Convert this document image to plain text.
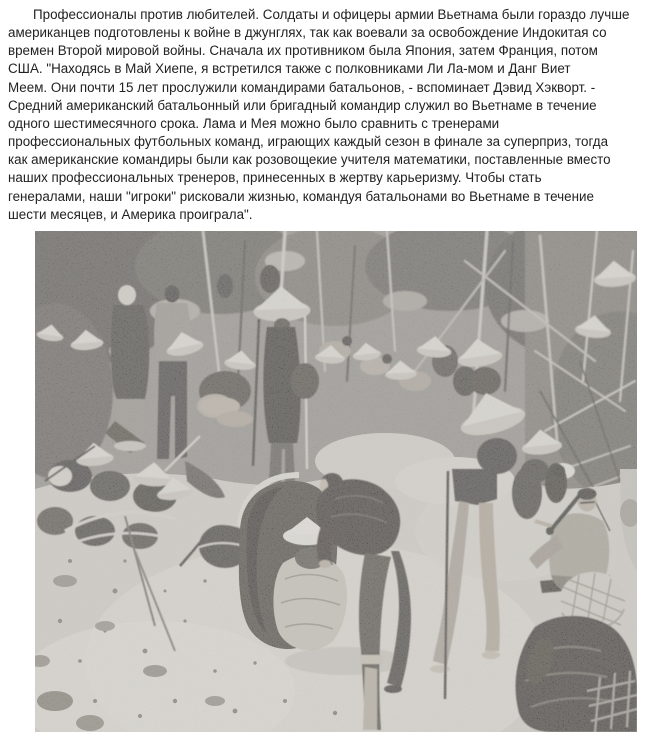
Профессионалы против любителей. Солдаты и офицеры армии Вьетнама были гораздо лучше
американцев подготовлены к войне в джунглях, так как воевали за освобождение Индокитая со
времен Второй мировой войны. Сначала их противником была Япония, затем Франция, потом
США. "Находясь в Май Хиепе, я встретился также с полковниками Ли Ла-мом и Данг Виет
Меем. Они почти 15 лет прослужили командирами батальонов, - вспоминает Дэвид Хэкворт. -
Средний американский батальонный или бригадный командир служил во Вьетнаме в течение
одного шестимесячного срока. Лама и Мея можно было сравнить с тренерами
профессиональных футбольных команд, играющих каждый сезон в финале за суперприз, тогда
как американские командиры были как розовощекие учителя математики, поставленные вместо
наших профессиональных тренеров, принесенных в жертву карьеризму. Чтобы стать
генералами, наши "игроки" рисковали жизнью, командуя батальонами во Вьетнаме в течение
шести месяцев, и Америка проиграла".
